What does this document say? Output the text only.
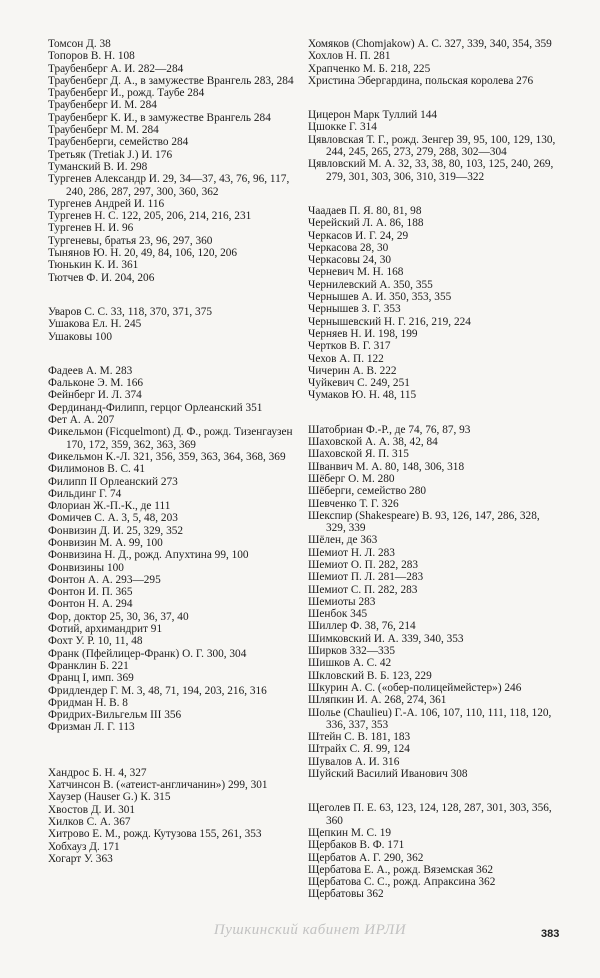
Томсон Д. 38
Топоров В. Н. 108
Траубенберг А. И. 282—284
Траубенберг Д. А., в замужестве Врангель 283, 284
Траубенберг И., рожд. Таубе 284
Траубенберг И. М. 284
Траубенберг К. И., в замужестве Врангель 284
Траубенберг М. М. 284
Траубенберги, семейство 284
Третьяк (Tretiak J.) И. 176
Туманский В. И. 298
Тургенев Александр И. 29, 34—37, 43, 76, 96, 117, 240, 286, 287, 297, 300, 360, 362
Тургенев Андрей И. 116
Тургенев Н. С. 122, 205, 206, 214, 216, 231
Тургенев Н. И. 96
Тургеневы, братья 23, 96, 297, 360
Тынянов Ю. Н. 20, 49, 84, 106, 120, 206
Тюнькин К. И. 361
Тютчев Ф. И. 204, 206
Уваров С. С. 33, 118, 370, 371, 375
Ушакова Ел. Н. 245
Ушаковы 100
Фадеев А. М. 283
Фальконе Э. М. 166
Фейнберг И. Л. 374
Фердинанд-Филипп, герцог Орлеанский 351
Фет А. А. 207
Фикельмон (Ficquelmont) Д. Ф., рожд. Тизенгаузен 170, 172, 359, 362, 363, 369
Фикельмон К.-Л. 321, 356, 359, 363, 364, 368, 369
Филимонов В. С. 41
Филипп II Орлеанский 273
Фильдинг Г. 74
Флориан Ж.-П.-К., де 111
Фомичев С. А. 3, 5, 48, 203
Фонвизин Д. И. 25, 329, 352
Фонвизин М. А. 99, 100
Фонвизина Н. Д., рожд. Апухтина 99, 100
Фонвизины 100
Фонтон А. А. 293—295
Фонтон И. П. 365
Фонтон Н. А. 294
Фор, доктор 25, 30, 36, 37, 40
Фотий, архимандрит 91
Фохт У. Р. 10, 11, 48
Франк (Пфейлицер-Франк) О. Г. 300, 304
Франклин Б. 221
Франц I, имп. 369
Фридлендер Г. М. 3, 48, 71, 194, 203, 216, 316
Фридман Н. В. 8
Фридрих-Вильгельм III 356
Фризман Л. Г. 113
Хандрос Б. Н. 4, 327
Хатчинсон В. («атеист-англичанин») 299, 301
Хаузер (Hauser G.) К. 315
Хвостов Д. И. 301
Хилков С. А. 367
Хитрово Е. М., рожд. Кутузова 155, 261, 353
Хобхауз Д. 171
Хогарт У. 363
Хомяков (Chomjakow) А. С. 327, 339, 340, 354, 359
Хохлов Н. П. 281
Храпченко М. Б. 218, 225
Христина Эбергардина, польская королева 276
Цицерон Марк Туллий 144
Цшокке Г. 314
Цявловская Т. Г., рожд. Зенгер 39, 95, 100, 129, 130, 244, 245, 265, 273, 279, 288, 302—304
Цявловский М. А. 32, 33, 38, 80, 103, 125, 240, 269, 279, 301, 303, 306, 310, 319—322
Чаадаев П. Я. 80, 81, 98
Черейский Л. А. 86, 188
Черкасов И. Г. 24, 29
Черкасова 28, 30
Черкасовы 24, 30
Черневич М. Н. 168
Чернилевский А. 350, 355
Чернышев А. И. 350, 353, 355
Чернышев З. Г. 353
Чернышевский Н. Г. 216, 219, 224
Черняев Н. И. 198, 199
Чертков В. Г. 317
Чехов А. П. 122
Чичерин А. В. 222
Чуйкевич С. 249, 251
Чумаков Ю. Н. 48, 115
Шатобриан Ф.-Р., де 74, 76, 87, 93
Шаховской А. А. 38, 42, 84
Шаховской Я. П. 315
Шванвич М. А. 80, 148, 306, 318
Шёберг О. М. 280
Шёберги, семейство 280
Шевченко Т. Г. 326
Шекспир (Shakespeare) В. 93, 126, 147, 286, 328, 329, 339
Шёлен, де 363
Шемиот Н. Л. 283
Шемиот О. П. 282, 283
Шемиот П. Л. 281—283
Шемиот С. П. 282, 283
Шемиоты 283
Шенбок 345
Шиллер Ф. 38, 76, 214
Шимковский И. А. 339, 340, 353
Ширков 332—335
Шишков А. С. 42
Шкловский В. Б. 123, 229
Шкурин А. С. («обер-полицеймейстер») 246
Шляпкин И. А. 268, 274, 361
Шолье (Chaulieu) Г.-А. 106, 107, 110, 111, 118, 120, 336, 337, 353
Штейн С. В. 181, 183
Штрайх С. Я. 99, 124
Шувалов А. И. 316
Шуйский Василий Иванович 308
Щеголев П. Е. 63, 123, 124, 128, 287, 301, 303, 356, 360
Щепкин М. С. 19
Щербаков В. Ф. 171
Щербатов А. Г. 290, 362
Щербатова Е. А., рожд. Вяземская 362
Щербатова С. С., рожд. Апраксина 362
Щербатовы 362
Пушкинский кабинет ИРЛИ	383
